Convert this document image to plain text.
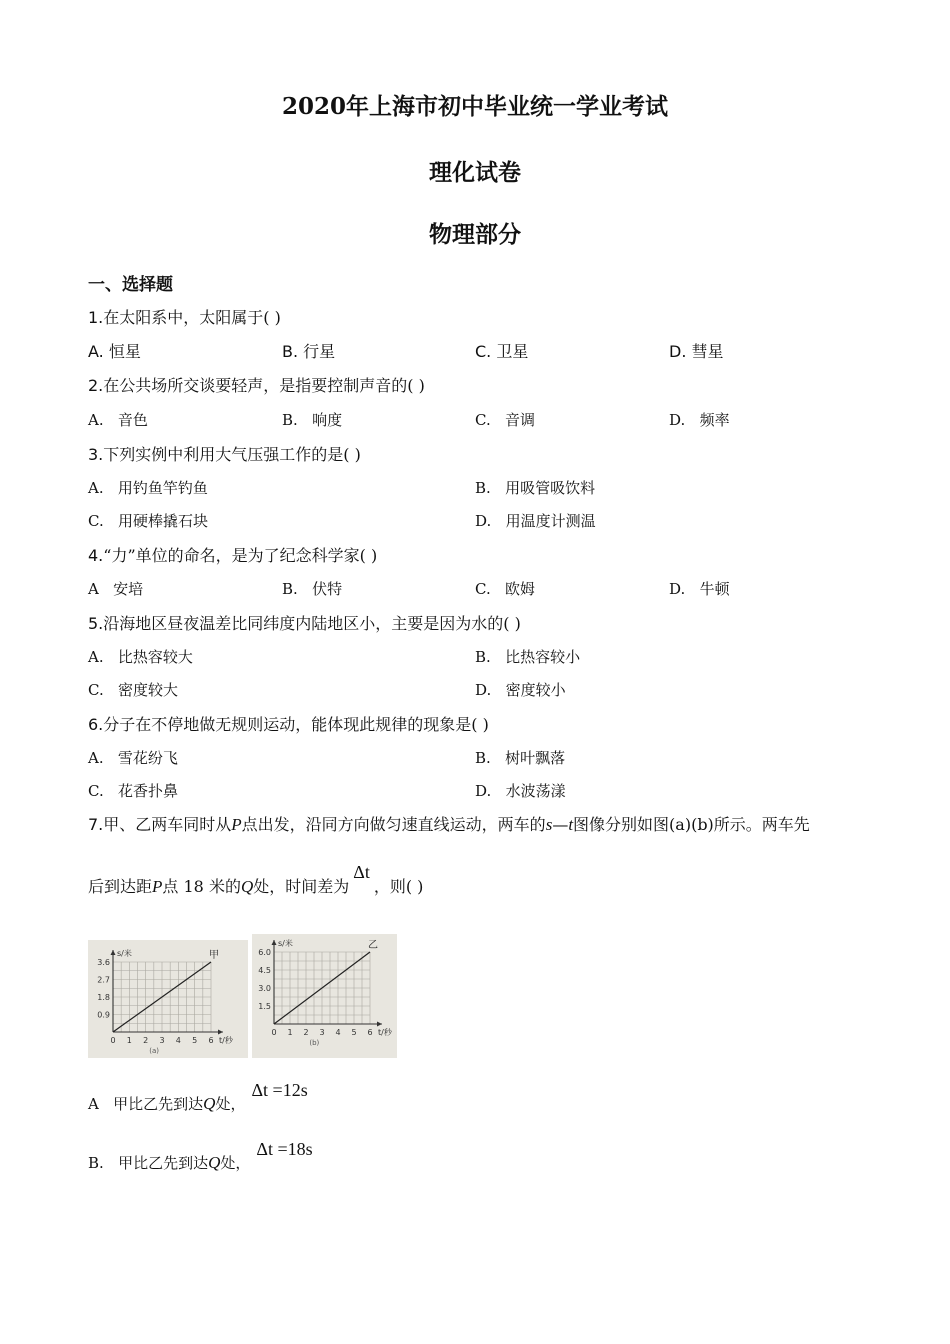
2020年上海市初中毕业统一学业考试
理化试卷
物理部分
一、选择题
1.在太阳系中，太阳属于( )
A. 恒星	B. 行星	C. 卫星	D. 彗星
2.在公共场所交谈要轻声，是指要控制声音的( )
A. 音色	B. 响度	C. 音调	D. 频率
3.下列实例中利用大气压强工作的是( )
A. 用钓鱼竿钓鱼	B. 用吸管吸饮料
C. 用硬棒撬石块	D. 用温度计测温
4.“力”单位的命名，是为了纪念科学家( )
A 安培	B. 伏特	C. 欧姆	D. 牛顿
5.沿海地区昼夜温差比同纬度内陆地区小，主要是因为水的( )
A. 比热容较大	B. 比热容较小
C. 密度较大	D. 密度较小
6.分子在不停地做无规则运动，能体现此规律的现象是( )
A. 雪花纷飞	B. 树叶飘落
C. 花香扑鼻	D. 水波荡漾
7.甲、乙两车同时从P点出发，沿同方向做匀速直线运动，两车的s—t图像分别如图(a)(b)所示。两车先
后到达距P点 18 米的Q处，时间差为Δt，则( )
0 1 2 3 4 5 6
0.9
1.8
2.7
3.6
s/米
t/秒
(a)
甲
0 1 2 3 4 5 6
1.5
3.0
4.5
6.0
s/米
t/秒
(b)
乙
A 甲比乙先到达Q处，Δt =12s
B. 甲比乙先到达Q处，Δt =18s
